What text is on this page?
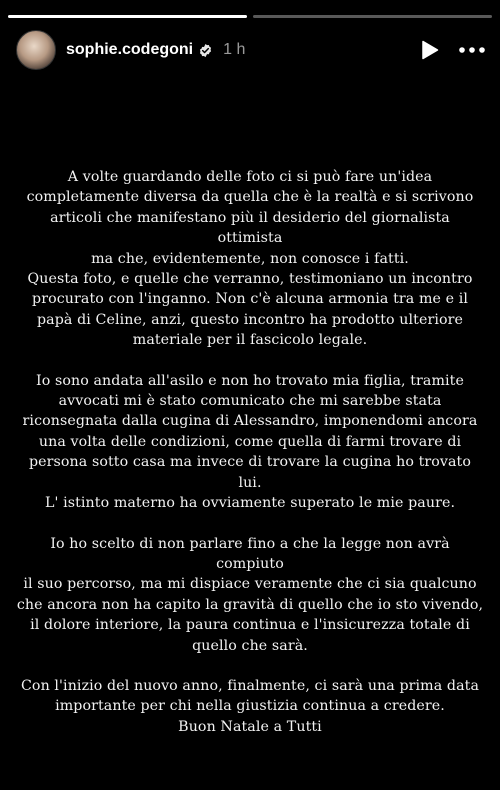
sophie.codegoni 1 h

A volte guardando delle foto ci si può fare un'idea
completamente diversa da quella che è la realtà e si scrivono
articoli che manifestano più il desiderio del giornalista ottimista
ma che, evidentemente, non conosce i fatti.
Questa foto, e quelle che verranno, testimoniano un incontro
procurato con l'inganno. Non c'è alcuna armonia tra me e il
papà di Celine, anzi, questo incontro ha prodotto ulteriore
materiale per il fascicolo legale.

Io sono andata all'asilo e non ho trovato mia figlia, tramite
avvocati mi è stato comunicato che mi sarebbe stata
riconsegnata dalla cugina di Alessandro, imponendomi ancora
una volta delle condizioni, come quella di farmi trovare di
persona sotto casa ma invece di trovare la cugina ho trovato lui.
L' istinto materno ha ovviamente superato le mie paure.

Io ho scelto di non parlare fino a che la legge non avrà compiuto
il suo percorso, ma mi dispiace veramente che ci sia qualcuno
che ancora non ha capito la gravità di quello che io sto vivendo,
il dolore interiore, la paura continua e l'insicurezza totale di
quello che sarà.

Con l'inizio del nuovo anno, finalmente, ci sarà una prima data
importante per chi nella giustizia continua a credere.
Buon Natale a Tutti
